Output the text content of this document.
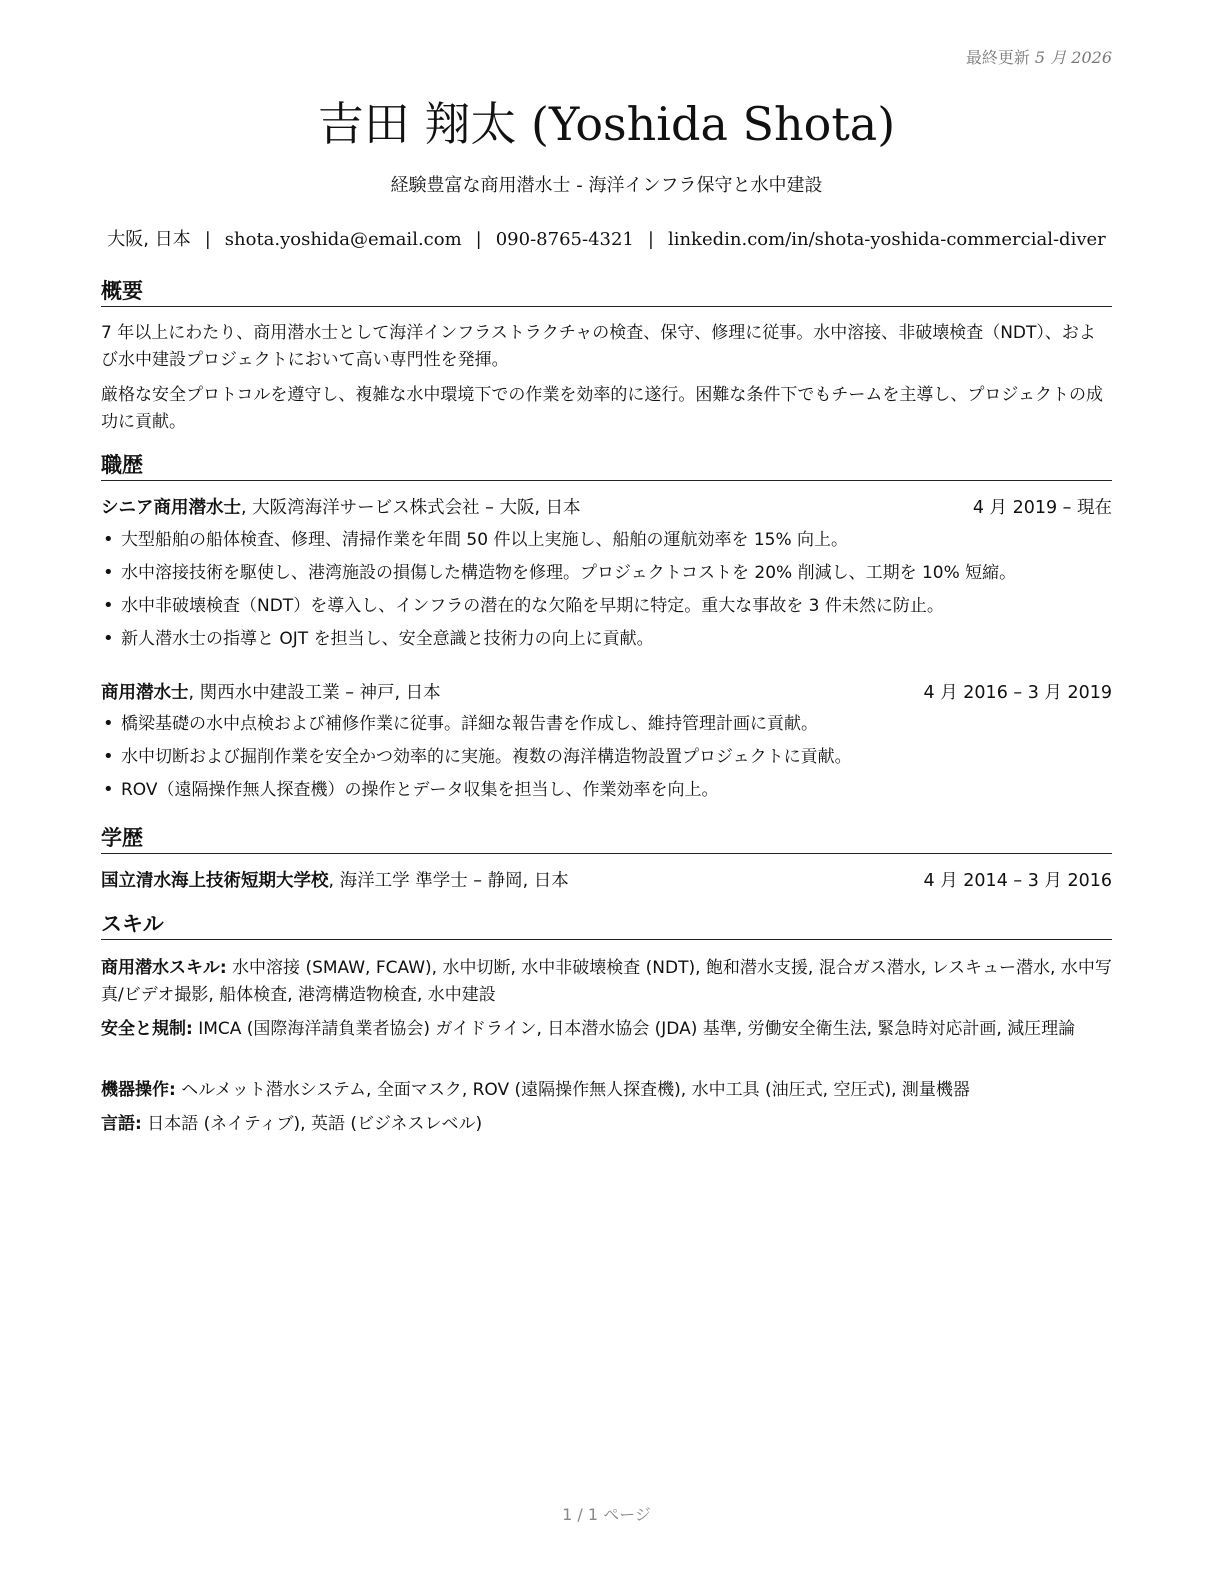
最終更新 5 月 2026
吉田 翔太 (Yoshida Shota)
経験豊富な商用潜水士 - 海洋インフラ保守と水中建設
大阪, 日本 | shota.yoshida@email.com | 090-8765-4321 | linkedin.com/in/shota-yoshida-commercial-diver
概要
7 年以上にわたり、商用潜水士として海洋インフラストラクチャの検査、保守、修理に従事。水中溶接、非破壊検査（NDT）、および水中建設プロジェクトにおいて高い専門性を発揮。
厳格な安全プロトコルを遵守し、複雑な水中環境下での作業を効率的に遂行。困難な条件下でもチームを主導し、プロジェクトの成功に貢献。
職歴
シニア商用潜水士, 大阪湾海洋サービス株式会社 – 大阪, 日本	4 月 2019 – 現在
• 大型船舶の船体検査、修理、清掃作業を年間 50 件以上実施し、船舶の運航効率を 15% 向上。
• 水中溶接技術を駆使し、港湾施設の損傷した構造物を修理。プロジェクトコストを 20% 削減し、工期を 10% 短縮。
• 水中非破壊検査（NDT）を導入し、インフラの潜在的な欠陥を早期に特定。重大な事故を 3 件未然に防止。
• 新人潜水士の指導と OJT を担当し、安全意識と技術力の向上に貢献。
商用潜水士, 関西水中建設工業 – 神戸, 日本	4 月 2016 – 3 月 2019
• 橋梁基礎の水中点検および補修作業に従事。詳細な報告書を作成し、維持管理計画に貢献。
• 水中切断および掘削作業を安全かつ効率的に実施。複数の海洋構造物設置プロジェクトに貢献。
• ROV（遠隔操作無人探査機）の操作とデータ収集を担当し、作業効率を向上。
学歴
国立清水海上技術短期大学校, 海洋工学 準学士 – 静岡, 日本	4 月 2014 – 3 月 2016
スキル
商用潜水スキル: 水中溶接 (SMAW, FCAW), 水中切断, 水中非破壊検査 (NDT), 飽和潜水支援, 混合ガス潜水, レスキュー潜水, 水中写真/ビデオ撮影, 船体検査, 港湾構造物検査, 水中建設
安全と規制: IMCA (国際海洋請負業者協会) ガイドライン, 日本潜水協会 (JDA) 基準, 労働安全衛生法, 緊急時対応計画, 減圧理論
機器操作: ヘルメット潜水システム, 全面マスク, ROV (遠隔操作無人探査機), 水中工具 (油圧式, 空圧式), 測量機器
言語: 日本語 (ネイティブ), 英語 (ビジネスレベル)
1 / 1 ページ
